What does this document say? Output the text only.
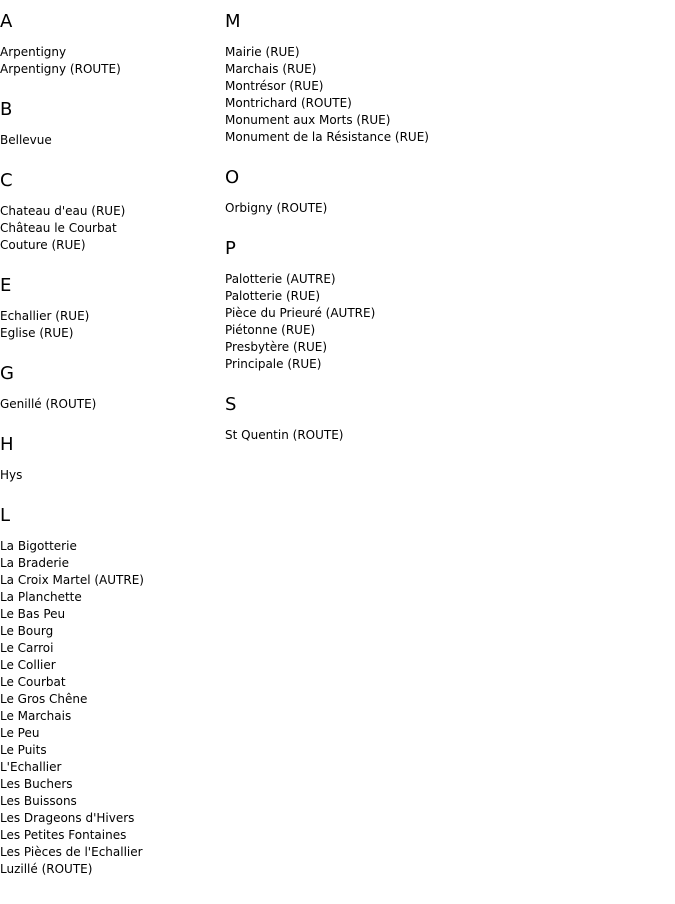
A
Arpentigny
Arpentigny (ROUTE)
B
Bellevue
C
Chateau d'eau (RUE)
Château le Courbat
Couture (RUE)
E
Echallier (RUE)
Eglise (RUE)
G
Genillé (ROUTE)
H
Hys
L
La Bigotterie
La Braderie
La Croix Martel (AUTRE)
La Planchette
Le Bas Peu
Le Bourg
Le Carroi
Le Collier
Le Courbat
Le Gros Chêne
Le Marchais
Le Peu
Le Puits
L'Echallier
Les Buchers
Les Buissons
Les Drageons d'Hivers
Les Petites Fontaines
Les Pièces de l'Echallier
Luzillé (ROUTE)
M
Mairie (RUE)
Marchais (RUE)
Montrésor (RUE)
Montrichard (ROUTE)
Monument aux Morts (RUE)
Monument de la Résistance (RUE)
O
Orbigny (ROUTE)
P
Palotterie (AUTRE)
Palotterie (RUE)
Pièce du Prieuré (AUTRE)
Piétonne (RUE)
Presbytère (RUE)
Principale (RUE)
S
St Quentin (ROUTE)
